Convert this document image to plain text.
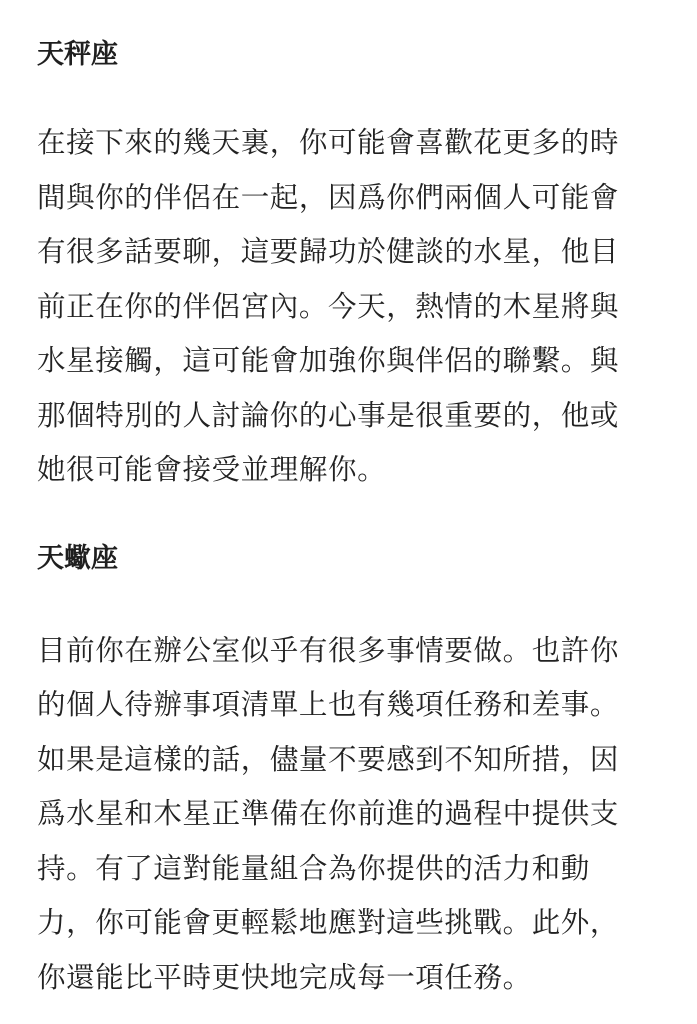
天秤座

在接下來的幾天裏，你可能會喜歡花更多的時
間與你的伴侶在一起，因爲你們兩個人可能會
有很多話要聊，這要歸功於健談的水星，他目
前正在你的伴侶宮內。今天，熱情的木星將與
水星接觸，這可能會加強你與伴侶的聯繫。與
那個特別的人討論你的心事是很重要的，他或
她很可能會接受並理解你。

天蠍座

目前你在辦公室似乎有很多事情要做。也許你
的個人待辦事項清單上也有幾項任務和差事。
如果是這樣的話，儘量不要感到不知所措，因
爲水星和木星正準備在你前進的過程中提供支
持。有了這對能量組合為你提供的活力和動
力，你可能會更輕鬆地應對這些挑戰。此外，
你還能比平時更快地完成每一項任務。
